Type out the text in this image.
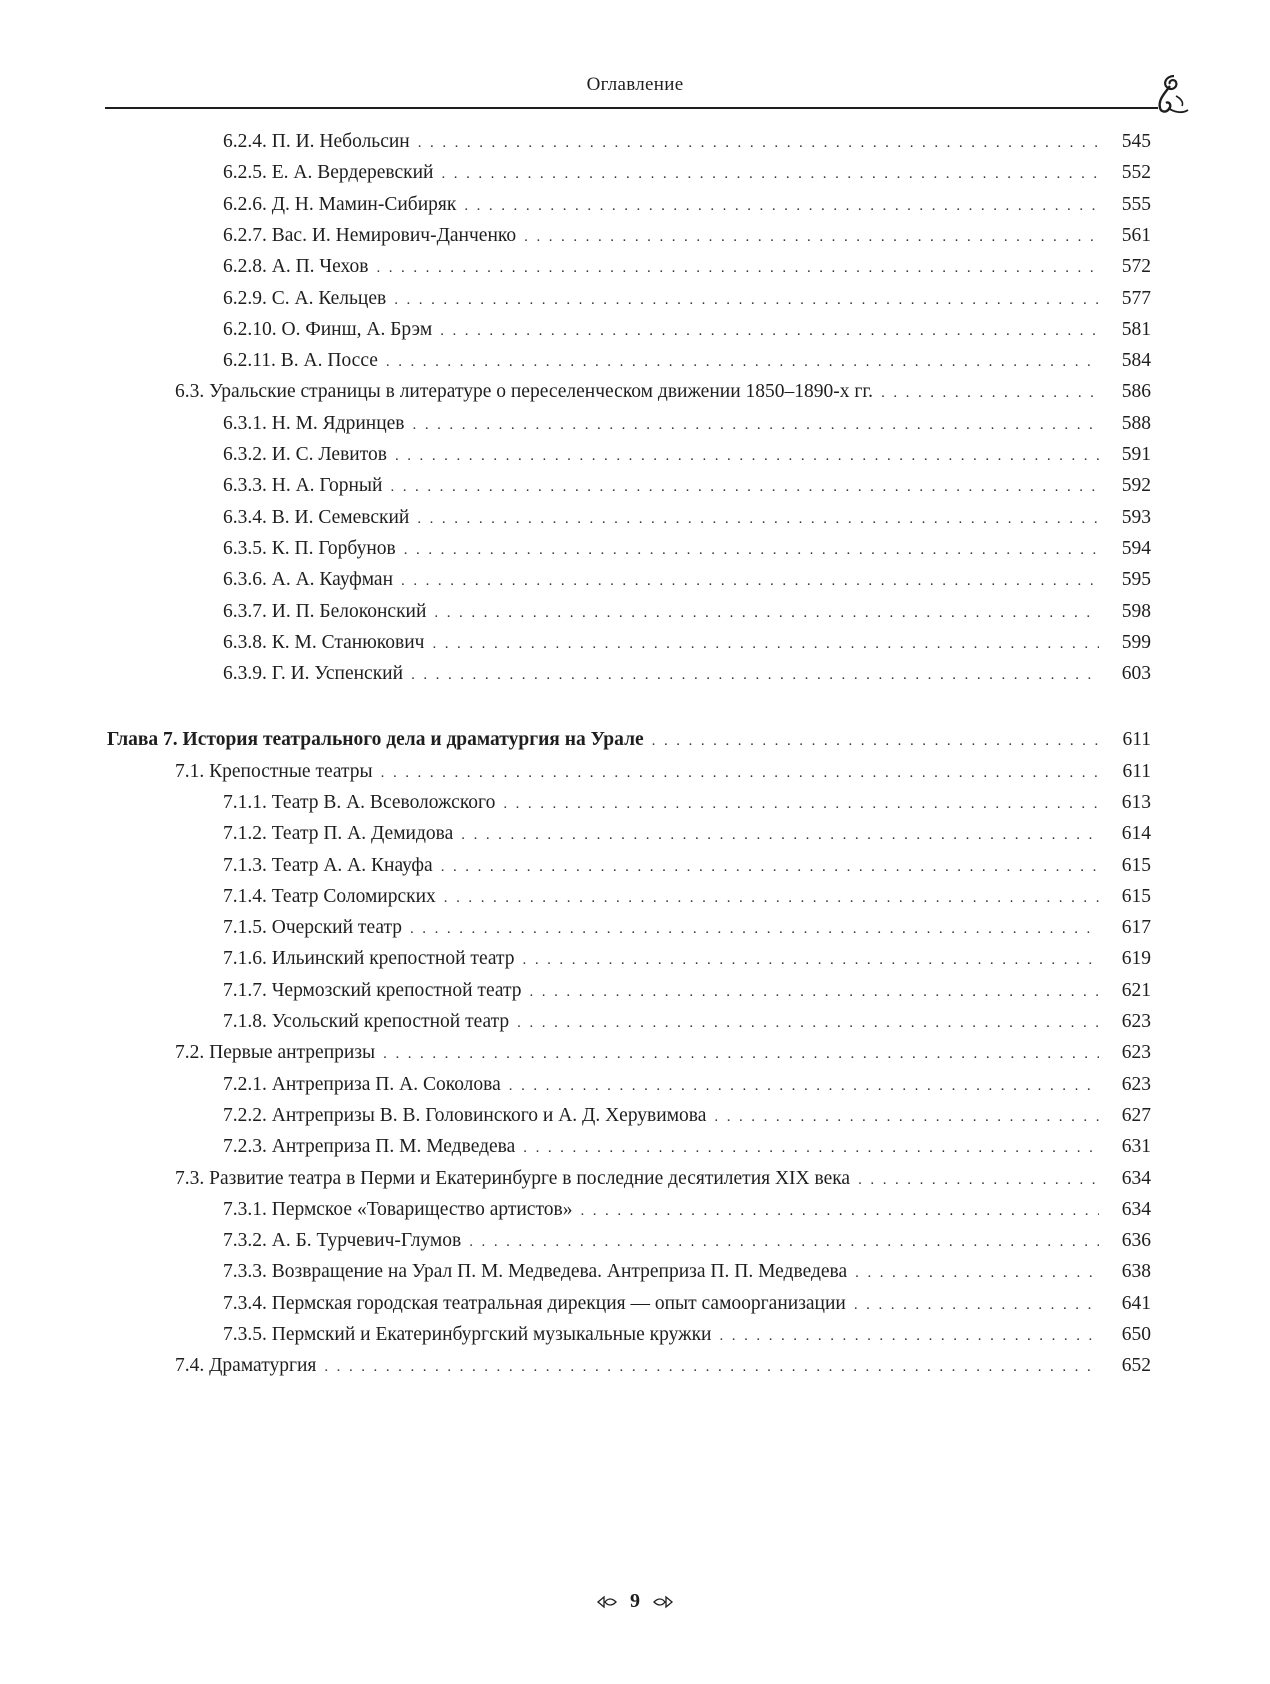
Оглавление
6.2.4. П. И. Небольсин . . .	545
6.2.5. Е. А. Вердеревский . . .	552
6.2.6. Д. Н. Мамин-Сибиряк . . .	555
6.2.7. Вас. И. Немирович-Данченко . . .	561
6.2.8. А. П. Чехов . . .	572
6.2.9. С. А. Кельцев . . .	577
6.2.10. О. Финш, А. Брэм . . .	581
6.2.11. В. А. Поссе . . .	584
6.3. Уральские страницы в литературе о переселенческом движении 1850–1890-х гг. . . .	586
6.3.1. Н. М. Ядринцев . . .	588
6.3.2. И. С. Левитов . . .	591
6.3.3. Н. А. Горный . . .	592
6.3.4. В. И. Семевский . . .	593
6.3.5. К. П. Горбунов . . .	594
6.3.6. А. А. Кауфман . . .	595
6.3.7. И. П. Белоконский . . .	598
6.3.8. К. М. Станюкович . . .	599
6.3.9. Г. И. Успенский . . .	603
Глава 7. История театрального дела и драматургия на Урале . . .	611
7.1. Крепостные театры . . .	611
7.1.1. Театр В. А. Всеволожского . . .	613
7.1.2. Театр П. А. Демидова . . .	614
7.1.3. Театр А. А. Кнауфа . . .	615
7.1.4. Театр Соломирских . . .	615
7.1.5. Очерский театр . . .	617
7.1.6. Ильинский крепостной театр . . .	619
7.1.7. Чермозский крепостной театр . . .	621
7.1.8. Усольский крепостной театр . . .	623
7.2. Первые антрепризы . . .	623
7.2.1. Антреприза П. А. Соколова . . .	623
7.2.2. Антрепризы В. В. Головинского и А. Д. Херувимова . . .	627
7.2.3. Антреприза П. М. Медведева . . .	631
7.3. Развитие театра в Перми и Екатеринбурге в последние десятилетия XIX века . . .	634
7.3.1. Пермское «Товарищество артистов» . . .	634
7.3.2. А. Б. Турчевич-Глумов . . .	636
7.3.3. Возвращение на Урал П. М. Медведева. Антреприза П. П. Медведева . . .	638
7.3.4. Пермская городская театральная дирекция — опыт самоорганизации . . .	641
7.3.5. Пермский и Екатеринбургский музыкальные кружки . . .	650
7.4. Драматургия . . .	652
9
